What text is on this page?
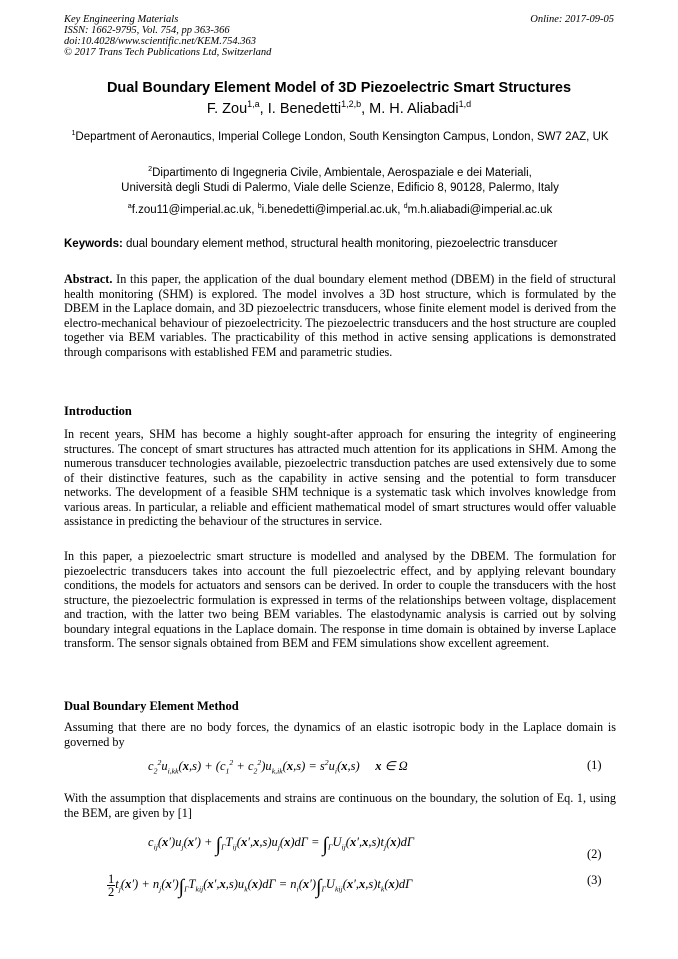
Key Engineering Materials
ISSN: 1662-9795, Vol. 754, pp 363-366
doi:10.4028/www.scientific.net/KEM.754.363
© 2017 Trans Tech Publications Ltd, Switzerland
Online: 2017-09-05
Dual Boundary Element Model of 3D Piezoelectric Smart Structures
F. Zou$^{1,a}$, I. Benedetti$^{1,2,b}$, M. H. Aliabadi$^{1,d}$
$^1$Department of Aeronautics, Imperial College London, South Kensington Campus, London, SW7 2AZ, UK
$^2$Dipartimento di Ingegneria Civile, Ambientale, Aerospaziale e dei Materiali,
Università degli Studi di Palermo, Viale delle Scienze, Edificio 8, 90128, Palermo, Italy
$^a$f.zou11@imperial.ac.uk, $^b$i.benedetti@imperial.ac.uk, $^d$m.h.aliabadi@imperial.ac.uk
Keywords: dual boundary element method, structural health monitoring, piezoelectric transducer
Abstract. In this paper, the application of the dual boundary element method (DBEM) in the field of structural health monitoring (SHM) is explored. The model involves a 3D host structure, which is formulated by the DBEM in the Laplace domain, and 3D piezoelectric transducers, whose finite element model is derived from the electro-mechanical behaviour of piezoelectricity. The piezoelectric transducers and the host structure are coupled together via BEM variables. The practicability of this method in active sensing applications is demonstrated through comparisons with established FEM and parametric studies.
Introduction
In recent years, SHM has become a highly sought-after approach for ensuring the integrity of engineering structures. The concept of smart structures has attracted much attention for its applications in SHM. Among the numerous transducer technologies available, piezoelectric transduction patches are used extensively due to some of their distinctive features, such as the capability in active sensing and the potential to form transducer networks. The development of a feasible SHM technique is a systematic task which involves knowledge from various areas. In particular, a reliable and efficient mathematical model of smart structures would offer valuable assistance in predicting the behaviour of the structures in service.
In this paper, a piezoelectric smart structure is modelled and analysed by the DBEM. The formulation for piezoelectric transducers takes into account the full piezoelectric effect, and by applying relevant boundary conditions, the models for actuators and sensors can be derived. In order to couple the transducers with the host structure, the piezoelectric formulation is expressed in terms of the relationships between voltage, displacement and traction, with the latter two being BEM variables. The elastodynamic analysis is carried out by solving boundary integral equations in the Laplace domain. The response in time domain is obtained by inverse Laplace transform. The sensor signals obtained from BEM and FEM simulations show excellent agreement.
Dual Boundary Element Method
Assuming that there are no body forces, the dynamics of an elastic isotropic body in the Laplace domain is governed by
$c_2^2u_{i,kk}(x,s) + (c_1^2 + c_2^2)u_{k,ik}(x,s) = s^2u_i(x,s)$     x ∈ Ω	(1)
With the assumption that displacements and strains are continuous on the boundary, the solution of Eq. 1, using the BEM, are given by [1]
$c_{ij}(x')u_j(x') + \int_\Gamma T_{ij}(x',x,s)u_j(x)d\Gamma = \int_\Gamma U_{ij}(x',x,s)t_j(x)d\Gamma$
(2)
$\frac{1}{2} t_j(x') + n_j(x')\int_\Gamma T_{kij}(x',x,s)u_k(x)d\Gamma = n_i(x')\int_\Gamma U_{kij}(x',x,s)t_k(x)d\Gamma$	(3)
